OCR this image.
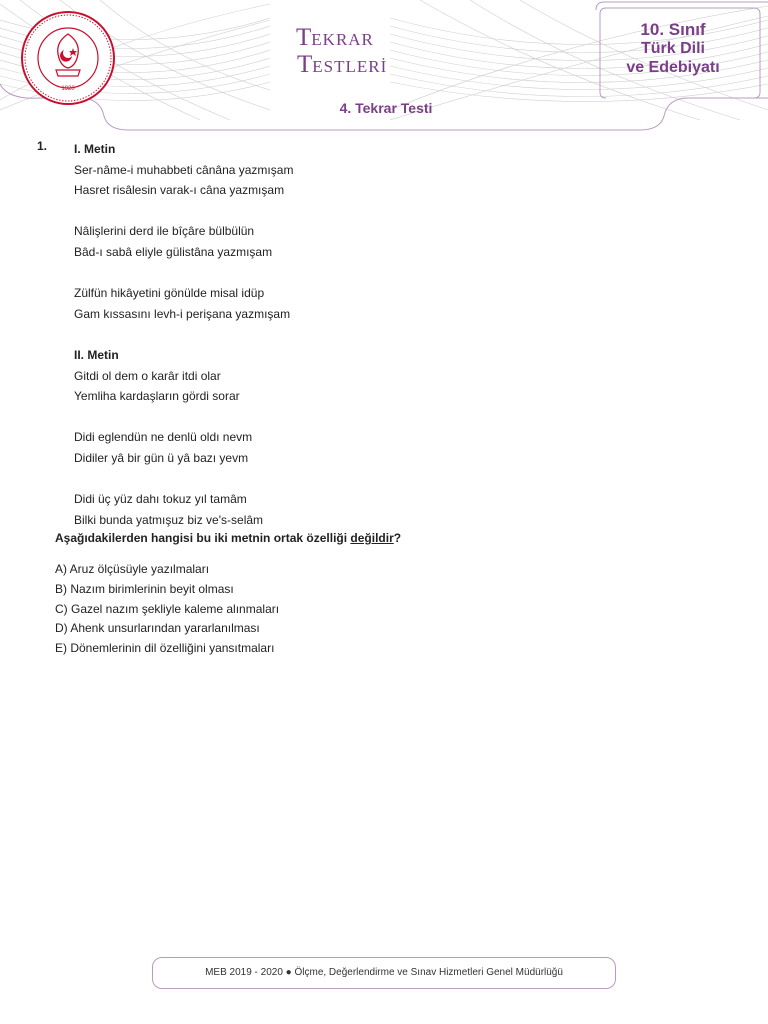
1920
TEKRAR
TESTLERİ
10. Sınıf
Türk Dili
ve Edebiyatı
4. Tekrar Testi
1. I. Metin
Ser-nâme-i muhabbeti cânâna yazmışam
Hasret risâlesin varak-ı câna yazmışam
Nâlişlerini derd ile bîçâre bülbülün
Bâd-ı sabâ eliyle gülistâna yazmışam
Zülfün hikâyetini gönülde misal idüp
Gam kıssasını levh-i perişana yazmışam
II. Metin
Gitdi ol dem o karâr itdi olar
Yemliha kardaşların gördi sorar
Didi eglendün ne denlü oldı nevm
Didiler yâ bir gün ü yâ bazı yevm
Didi üç yüz dahı tokuz yıl tamâm
Bilki bunda yatmışuz biz ve's-selâm
Aşağıdakilerden hangisi bu iki metnin ortak özelliği değildir?
A) Aruz ölçüsüyle yazılmaları
B) Nazım birimlerinin beyit olması
C) Gazel nazım şekliyle kaleme alınmaları
D) Ahenk unsurlarından yararlanılması
E) Dönemlerinin dil özelliğini yansıtmaları
MEB 2019 - 2020 ● Ölçme, Değerlendirme ve Sınav Hizmetleri Genel Müdürlüğü
